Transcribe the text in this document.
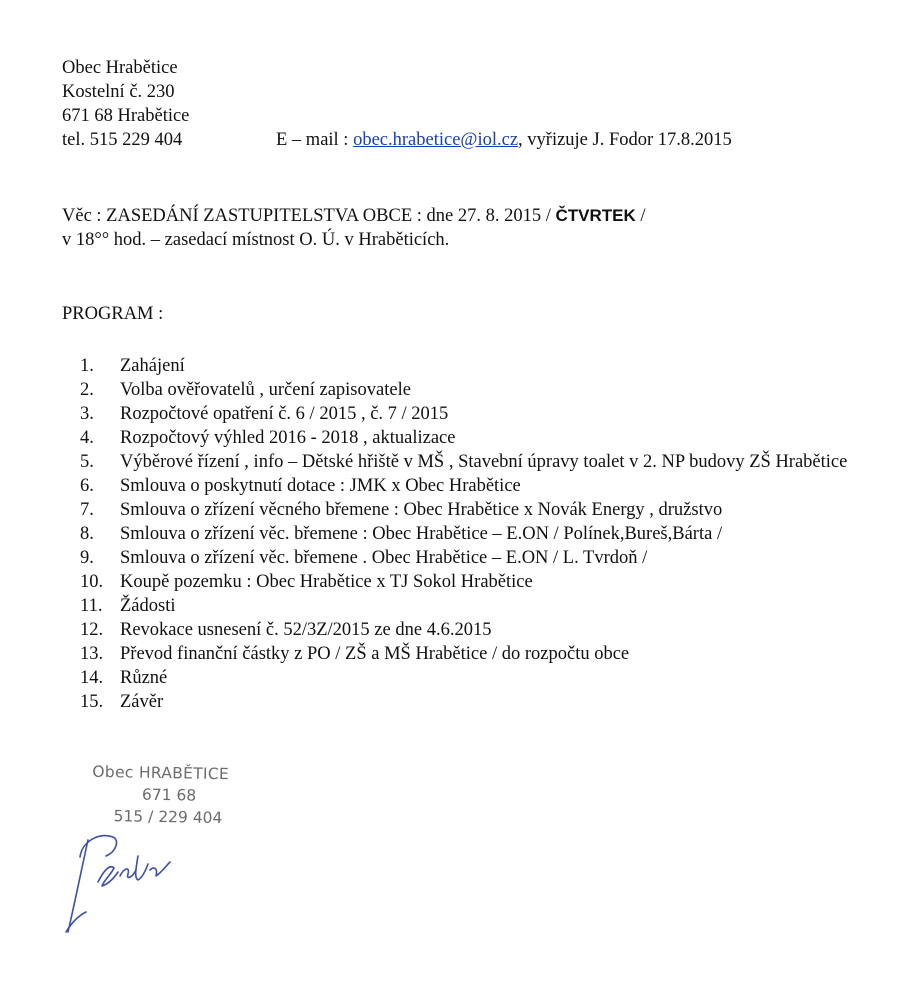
Obec Hrabětice
Kostelní č. 230
671 68 Hrabětice
tel. 515 229 404	E – mail : obec.hrabetice@iol.cz, vyřizuje J. Fodor 17.8.2015
Věc : ZASEDÁNÍ ZASTUPITELSTVA OBCE : dne 27. 8. 2015 / ČTVRTEK /
v 18°° hod. – zasedací místnost O. Ú. v Hraběticích.
PROGRAM :
1.	Zahájení
2.	Volba ověřovatelů , určení zapisovatele
3.	Rozpočtové opatření č. 6 / 2015 , č. 7 / 2015
4.	Rozpočtový výhled 2016 - 2018 , aktualizace
5.	Výběrové řízení , info – Dětské hřiště v MŠ , Stavební úpravy toalet v 2. NP budovy ZŠ Hrabětice
6.	Smlouva o poskytnutí dotace : JMK x Obec Hrabětice
7.	Smlouva o zřízení věcného břemene : Obec Hrabětice x Novák Energy , družstvo
8.	Smlouva o zřízení věc. břemene : Obec Hrabětice – E.ON / Polínek,Bureš,Bárta /
9.	Smlouva o zřízení věc. břemene . Obec Hrabětice – E.ON / L. Tvrdoň /
10. Koupě pozemku : Obec Hrabětice x TJ Sokol Hrabětice
11. Žádosti
12. Revokace usnesení č. 52/3Z/2015 ze dne 4.6.2015
13. Převod finanční částky z PO / ZŠ a MŠ Hrabětice / do rozpočtu obce
14. Různé
15. Závěr
Obec HRABĚTICE
671 68
515 / 229 404
